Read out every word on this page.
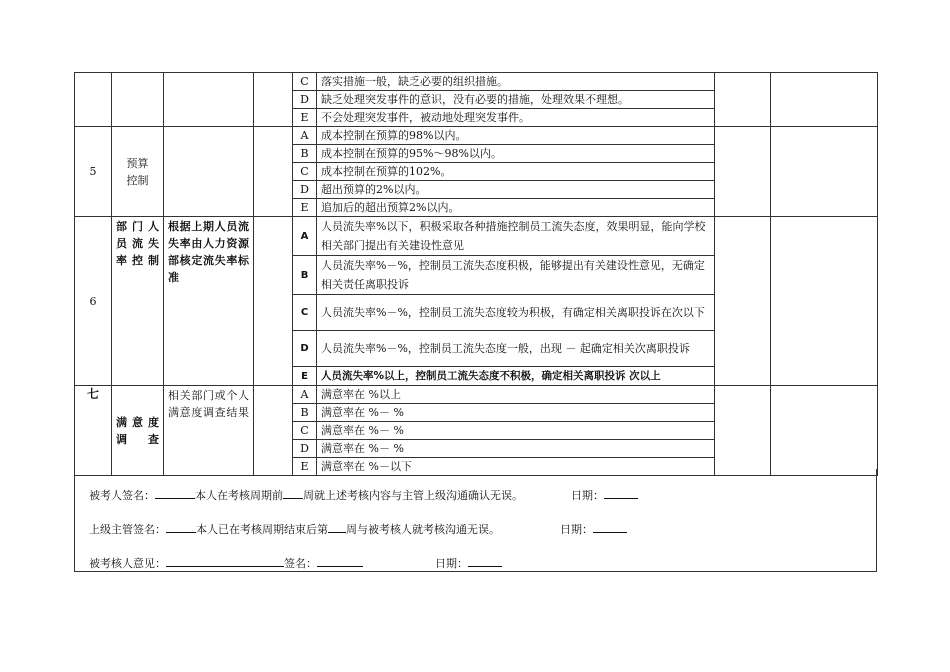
				C	落实措施一般，缺乏必要的组织措施。		
				D	缺乏处理突发事件的意识，没有必要的措施，处理效果不理想。		
				E	不会处理突发事件，被动地处理突发事件。		
5	预算控制			A	成本控制在预算的98%以内。		
				B	成本控制在预算的95%～98%以内。		
				C	成本控制在预算的102%。		
				D	超出预算的2%以内。		
				E	追加后的超出预算2%以内。		
6	部门人员流失率控制	根据上期人员流失率由人力资源部核定流失率标准		A	人员流失率%以下，积极采取各种措施控制员工流失态度，效果明显，能向学校相关部门提出有关建设性意见		
				B	人员流失率%－%，控制员工流失态度积极，能够提出有关建设性意见，无确定相关责任离职投诉		
				C	人员流失率%－%，控制员工流失态度较为积极，有确定相关离职投诉在次以下		
				D	人员流失率%－%，控制员工流失态度一般，出现 － 起确定相关次离职投诉		
				E	人员流失率%以上，控制员工流失态度不积极，确定相关离职投诉 次以上		
七	满意度调查	相关部门或个人满意度调查结果		A	满意率在 %以上		
				B	满意率在 %－ %		
				C	满意率在 %－ %		
				D	满意率在 %－ %		
				E	满意率在 %－以下		
被考人签名：	本人在考核周期前 周就上述考核内容与主管上级沟通确认无误。	日期：
上级主管签名：	本人已在考核周期结束后第 周与被考核人就考核沟通无误。	日期：
被考核人意见：	签名：	日期：
